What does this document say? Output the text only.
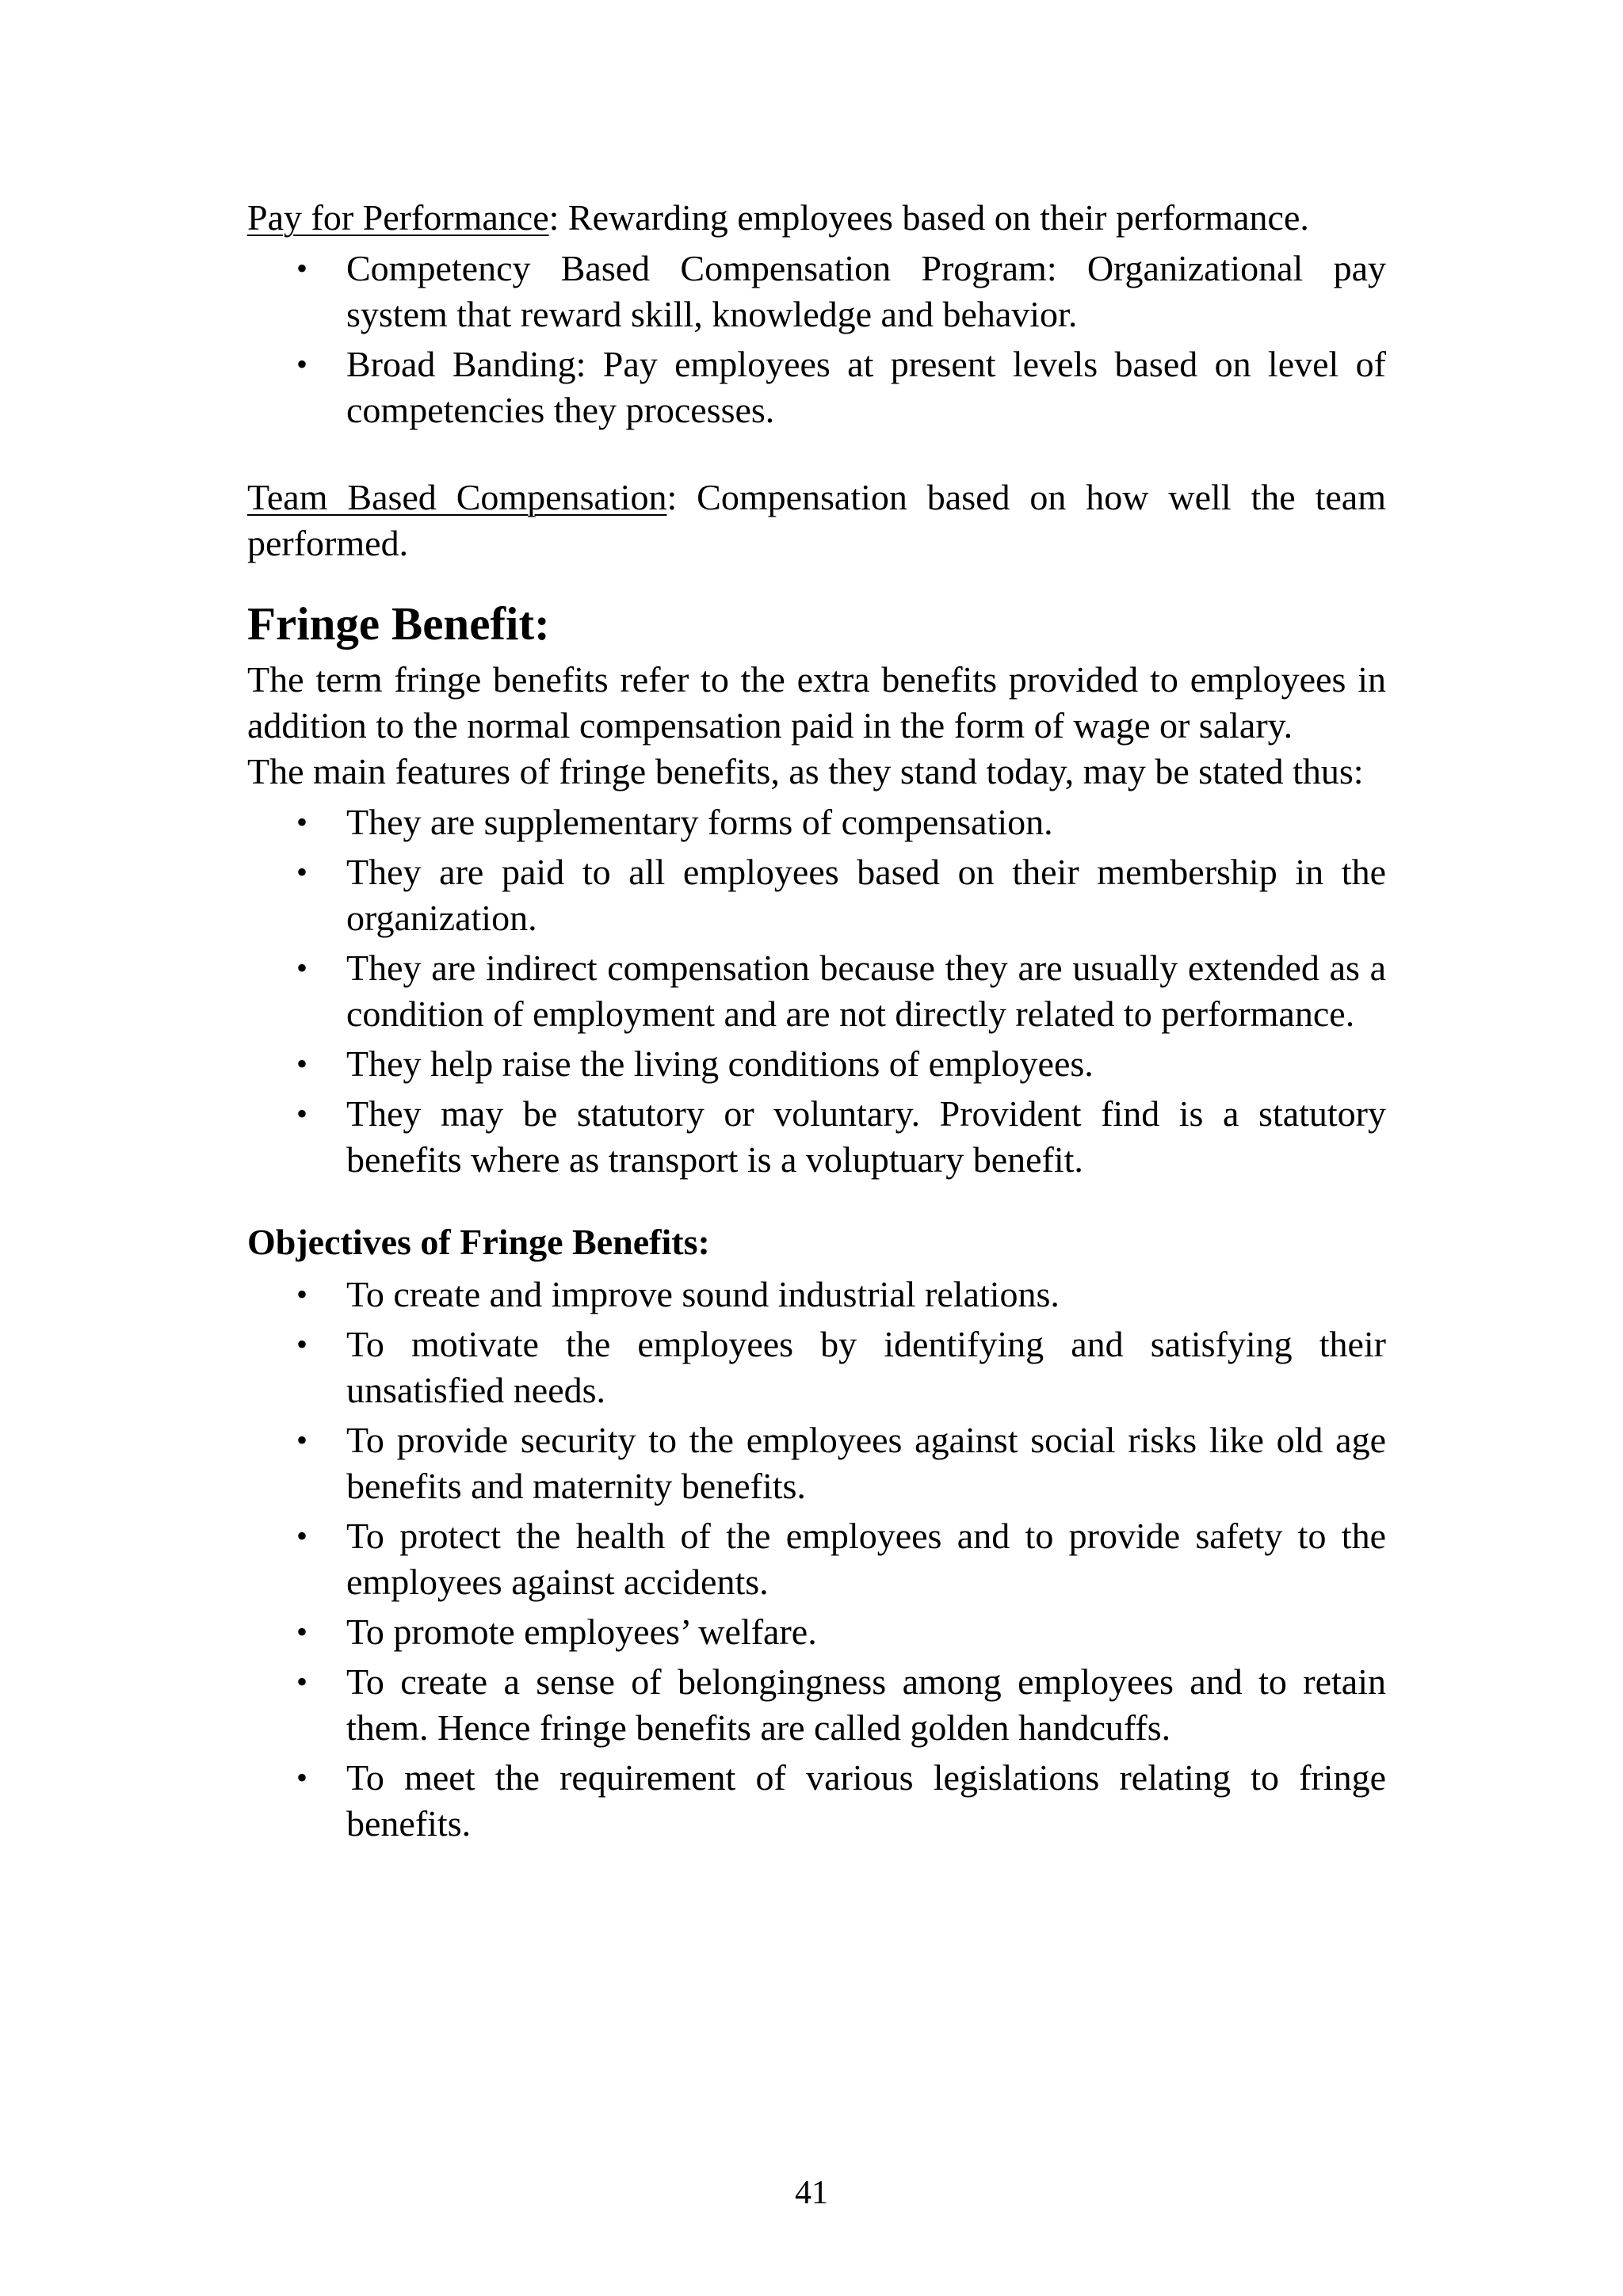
Pay for Performance: Rewarding employees based on their performance.

• Competency Based Compensation Program: Organizational pay system that reward skill, knowledge and behavior.
• Broad Banding: Pay employees at present levels based on level of competencies they processes.

Team Based Compensation: Compensation based on how well the team performed.

Fringe Benefit:

The term fringe benefits refer to the extra benefits provided to employees in addition to the normal compensation paid in the form of wage or salary.

The main features of fringe benefits, as they stand today, may be stated thus:

• They are supplementary forms of compensation.
• They are paid to all employees based on their membership in the organization.
• They are indirect compensation because they are usually extended as a condition of employment and are not directly related to performance.
• They help raise the living conditions of employees.
• They may be statutory or voluntary. Provident find is a statutory benefits where as transport is a voluptuary benefit.
Objectives of Fringe Benefits:
• To create and improve sound industrial relations.
• To motivate the employees by identifying and satisfying their unsatisfied needs.
• To provide security to the employees against social risks like old age benefits and maternity benefits.
• To protect the health of the employees and to provide safety to the employees against accidents.
• To promote employees’ welfare.
• To create a sense of belongingness among employees and to retain them. Hence fringe benefits are called golden handcuffs.
• To meet the requirement of various legislations relating to fringe benefits.
41
